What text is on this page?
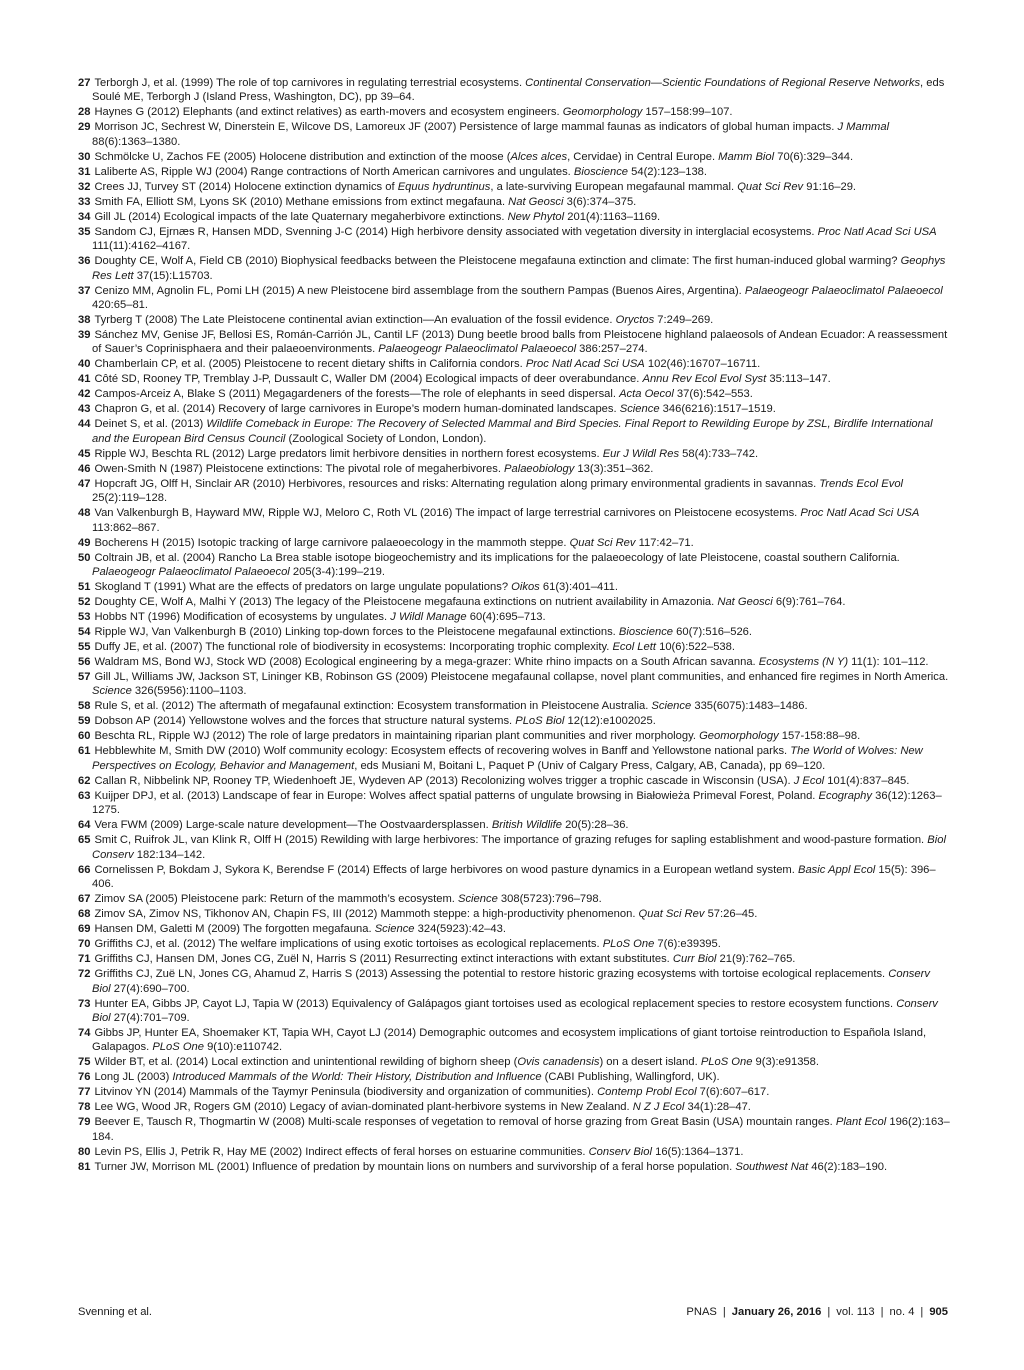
27 Terborgh J, et al. (1999) The role of top carnivores in regulating terrestrial ecosystems. Continental Conservation—Scientic Foundations of Regional Reserve Networks, eds Soulé ME, Terborgh J (Island Press, Washington, DC), pp 39–64.

28 Haynes G (2012) Elephants (and extinct relatives) as earth-movers and ecosystem engineers. Geomorphology 157–158:99–107.

29 Morrison JC, Sechrest W, Dinerstein E, Wilcove DS, Lamoreux JF (2007) Persistence of large mammal faunas as indicators of global human impacts. J Mammal 88(6):1363–1380.

30 Schmölcke U, Zachos FE (2005) Holocene distribution and extinction of the moose (Alces alces, Cervidae) in Central Europe. Mamm Biol 70(6):329–344.

31 Laliberte AS, Ripple WJ (2004) Range contractions of North American carnivores and ungulates. Bioscience 54(2):123–138.

32 Crees JJ, Turvey ST (2014) Holocene extinction dynamics of Equus hydruntinus, a late-surviving European megafaunal mammal. Quat Sci Rev 91:16–29.

33 Smith FA, Elliott SM, Lyons SK (2010) Methane emissions from extinct megafauna. Nat Geosci 3(6):374–375.

34 Gill JL (2014) Ecological impacts of the late Quaternary megaherbivore extinctions. New Phytol 201(4):1163–1169.

35 Sandom CJ, Ejrnæs R, Hansen MDD, Svenning J-C (2014) High herbivore density associated with vegetation diversity in interglacial ecosystems. Proc Natl Acad Sci USA 111(11):4162–4167.

36 Doughty CE, Wolf A, Field CB (2010) Biophysical feedbacks between the Pleistocene megafauna extinction and climate: The first human-induced global warming? Geophys Res Lett 37(15):L15703.

37 Cenizo MM, Agnolin FL, Pomi LH (2015) A new Pleistocene bird assemblage from the southern Pampas (Buenos Aires, Argentina). Palaeogeogr Palaeoclimatol Palaeoecol 420:65–81.

38 Tyrberg T (2008) The Late Pleistocene continental avian extinction—An evaluation of the fossil evidence. Oryctos 7:249–269.

39 Sánchez MV, Genise JF, Bellosi ES, Román-Carrión JL, Cantil LF (2013) Dung beetle brood balls from Pleistocene highland palaeosols of Andean Ecuador: A reassessment of Sauer’s Coprinisphaera and their palaeoenvironments. Palaeogeogr Palaeoclimatol Palaeoecol 386:257–274.

40 Chamberlain CP, et al. (2005) Pleistocene to recent dietary shifts in California condors. Proc Natl Acad Sci USA 102(46):16707–16711.

41 Côté SD, Rooney TP, Tremblay J-P, Dussault C, Waller DM (2004) Ecological impacts of deer overabundance. Annu Rev Ecol Evol Syst 35:113–147.

42 Campos-Arceiz A, Blake S (2011) Megagardeners of the forests—The role of elephants in seed dispersal. Acta Oecol 37(6):542–553.

43 Chapron G, et al. (2014) Recovery of large carnivores in Europe’s modern human-dominated landscapes. Science 346(6216):1517–1519.

44 Deinet S, et al. (2013) Wildlife Comeback in Europe: The Recovery of Selected Mammal and Bird Species. Final Report to Rewilding Europe by ZSL, Birdlife International and the European Bird Census Council (Zoological Society of London, London).

45 Ripple WJ, Beschta RL (2012) Large predators limit herbivore densities in northern forest ecosystems. Eur J Wildl Res 58(4):733–742.

46 Owen-Smith N (1987) Pleistocene extinctions: The pivotal role of megaherbivores. Palaeobiology 13(3):351–362.

47 Hopcraft JG, Olff H, Sinclair AR (2010) Herbivores, resources and risks: Alternating regulation along primary environmental gradients in savannas. Trends Ecol Evol 25(2):119–128.

48 Van Valkenburgh B, Hayward MW, Ripple WJ, Meloro C, Roth VL (2016) The impact of large terrestrial carnivores on Pleistocene ecosystems. Proc Natl Acad Sci USA 113:862–867.

49 Bocherens H (2015) Isotopic tracking of large carnivore palaeoecology in the mammoth steppe. Quat Sci Rev 117:42–71.

50 Coltrain JB, et al. (2004) Rancho La Brea stable isotope biogeochemistry and its implications for the palaeoecology of late Pleistocene, coastal southern California. Palaeogeogr Palaeoclimatol Palaeoecol 205(3-4):199–219.

51 Skogland T (1991) What are the effects of predators on large ungulate populations? Oikos 61(3):401–411.

52 Doughty CE, Wolf A, Malhi Y (2013) The legacy of the Pleistocene megafauna extinctions on nutrient availability in Amazonia. Nat Geosci 6(9):761–764.

53 Hobbs NT (1996) Modification of ecosystems by ungulates. J Wildl Manage 60(4):695–713.

54 Ripple WJ, Van Valkenburgh B (2010) Linking top-down forces to the Pleistocene megafaunal extinctions. Bioscience 60(7):516–526.

55 Duffy JE, et al. (2007) The functional role of biodiversity in ecosystems: Incorporating trophic complexity. Ecol Lett 10(6):522–538.

56 Waldram MS, Bond WJ, Stock WD (2008) Ecological engineering by a mega-grazer: White rhino impacts on a South African savanna. Ecosystems (N Y) 11(1): 101–112.

57 Gill JL, Williams JW, Jackson ST, Lininger KB, Robinson GS (2009) Pleistocene megafaunal collapse, novel plant communities, and enhanced fire regimes in North America. Science 326(5956):1100–1103.

58 Rule S, et al. (2012) The aftermath of megafaunal extinction: Ecosystem transformation in Pleistocene Australia. Science 335(6075):1483–1486.

59 Dobson AP (2014) Yellowstone wolves and the forces that structure natural systems. PLoS Biol 12(12):e1002025.

60 Beschta RL, Ripple WJ (2012) The role of large predators in maintaining riparian plant communities and river morphology. Geomorphology 157-158:88–98.

61 Hebblewhite M, Smith DW (2010) Wolf community ecology: Ecosystem effects of recovering wolves in Banff and Yellowstone national parks. The World of Wolves: New Perspectives on Ecology, Behavior and Management, eds Musiani M, Boitani L, Paquet P (Univ of Calgary Press, Calgary, AB, Canada), pp 69–120.

62 Callan R, Nibbelink NP, Rooney TP, Wiedenhoeft JE, Wydeven AP (2013) Recolonizing wolves trigger a trophic cascade in Wisconsin (USA). J Ecol 101(4):837–845.

63 Kuijper DPJ, et al. (2013) Landscape of fear in Europe: Wolves affect spatial patterns of ungulate browsing in Białowieża Primeval Forest, Poland. Ecography 36(12):1263–1275.

64 Vera FWM (2009) Large-scale nature development—The Oostvaardersplassen. British Wildlife 20(5):28–36.

65 Smit C, Ruifrok JL, van Klink R, Olff H (2015) Rewilding with large herbivores: The importance of grazing refuges for sapling establishment and wood-pasture formation. Biol Conserv 182:134–142.

66 Cornelissen P, Bokdam J, Sykora K, Berendse F (2014) Effects of large herbivores on wood pasture dynamics in a European wetland system. Basic Appl Ecol 15(5): 396–406.

67 Zimov SA (2005) Pleistocene park: Return of the mammoth’s ecosystem. Science 308(5723):796–798.

68 Zimov SA, Zimov NS, Tikhonov AN, Chapin FS, III (2012) Mammoth steppe: a high-productivity phenomenon. Quat Sci Rev 57:26–45.

69 Hansen DM, Galetti M (2009) The forgotten megafauna. Science 324(5923):42–43.

70 Griffiths CJ, et al. (2012) The welfare implications of using exotic tortoises as ecological replacements. PLoS One 7(6):e39395.

71 Griffiths CJ, Hansen DM, Jones CG, Zuël N, Harris S (2011) Resurrecting extinct interactions with extant substitutes. Curr Biol 21(9):762–765.

72 Griffiths CJ, Zuë LN, Jones CG, Ahamud Z, Harris S (2013) Assessing the potential to restore historic grazing ecosystems with tortoise ecological replacements. Conserv Biol 27(4):690–700.

73 Hunter EA, Gibbs JP, Cayot LJ, Tapia W (2013) Equivalency of Galápagos giant tortoises used as ecological replacement species to restore ecosystem functions. Conserv Biol 27(4):701–709.

74 Gibbs JP, Hunter EA, Shoemaker KT, Tapia WH, Cayot LJ (2014) Demographic outcomes and ecosystem implications of giant tortoise reintroduction to Española Island, Galapagos. PLoS One 9(10):e110742.

75 Wilder BT, et al. (2014) Local extinction and unintentional rewilding of bighorn sheep (Ovis canadensis) on a desert island. PLoS One 9(3):e91358.

76 Long JL (2003) Introduced Mammals of the World: Their History, Distribution and Influence (CABI Publishing, Wallingford, UK).

77 Litvinov YN (2014) Mammals of the Taymyr Peninsula (biodiversity and organization of communities). Contemp Probl Ecol 7(6):607–617.

78 Lee WG, Wood JR, Rogers GM (2010) Legacy of avian-dominated plant-herbivore systems in New Zealand. N Z J Ecol 34(1):28–47.

79 Beever E, Tausch R, Thogmartin W (2008) Multi-scale responses of vegetation to removal of horse grazing from Great Basin (USA) mountain ranges. Plant Ecol 196(2):163–184.

80 Levin PS, Ellis J, Petrik R, Hay ME (2002) Indirect effects of feral horses on estuarine communities. Conserv Biol 16(5):1364–1371.

81 Turner JW, Morrison ML (2001) Influence of predation by mountain lions on numbers and survivorship of a feral horse population. Southwest Nat 46(2):183–190.

Svenning et al.	PNAS | January 26, 2016 | vol. 113 | no. 4 | 905
